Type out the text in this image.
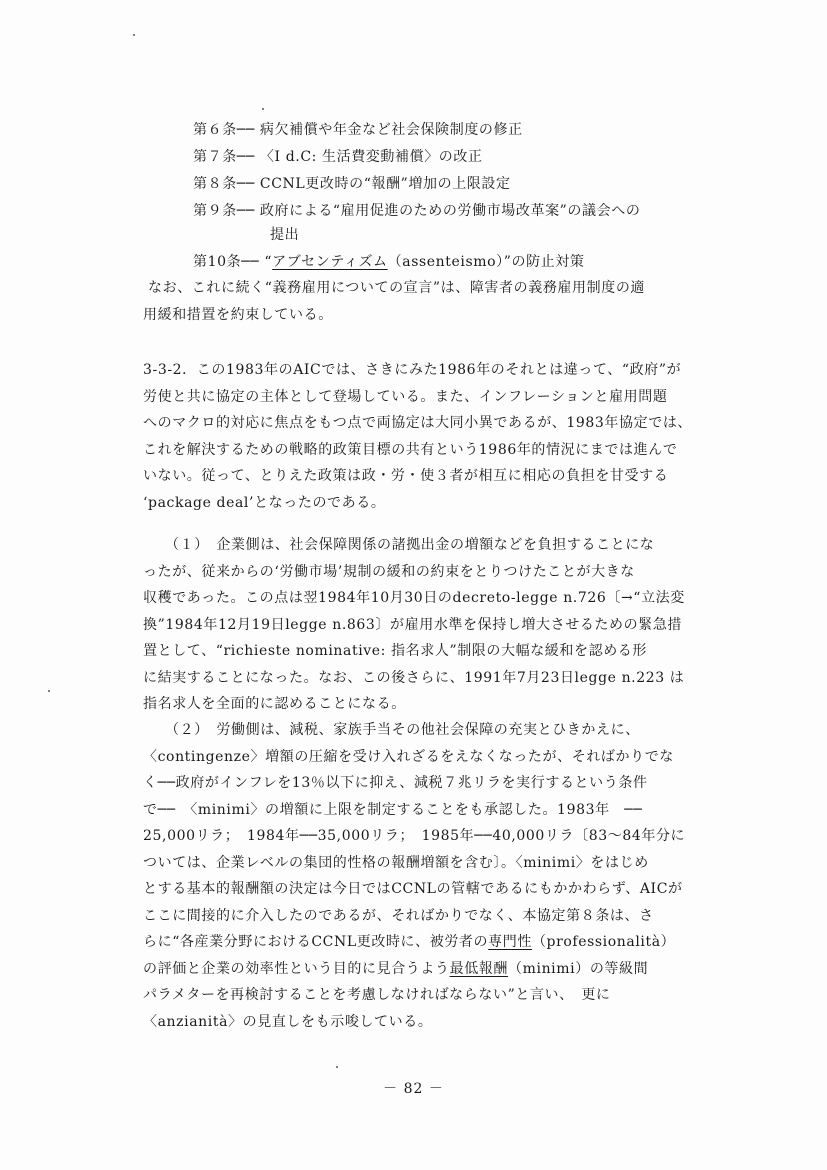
第６条── 病欠補償や年金など社会保険制度の修正
第７条── 〈I d.C: 生活費変動補償〉の改正
第８条── CCNL更改時の“報酬”増加の上限設定
第９条── 政府による“雇用促進のための労働市場改革案”の議会への
提出
第10条── “アブセンティズム（assenteismo）”の防止対策
なお、これに続く“義務雇用についての宣言”は、障害者の義務雇用制度の適
用緩和措置を約束している。
3-3-2．この1983年のAICでは、さきにみた1986年のそれとは違って、“政府”が
労使と共に協定の主体として登場している。また、インフレーションと雇用問題
へのマクロ的対応に焦点をもつ点で両協定は大同小異であるが、1983年協定では、
これを解決するための戦略的政策目標の共有という1986年的情況にまでは進んで
いない。従って、とりえた政策は政・労・使３者が相互に相応の負担を甘受する
‘package deal’となったのである。
（１）　企業側は、社会保障関係の諸拠出金の増額などを負担することにな
ったが、従来からの‘労働市場’規制の緩和の約束をとりつけたことが大きな
収穫であった。この点は翌1984年10月30日のdecreto-legge n.726〔→“立法変
換”1984年12月19日legge n.863〕が雇用水準を保持し増大させるための緊急措
置として、“richieste nominative: 指名求人”制限の大幅な緩和を認める形
に結実することになった。なお、この後さらに、1991年7月23日legge n.223 は
指名求人を全面的に認めることになる。
（２）　労働側は、減税、家族手当その他社会保障の充実とひきかえに、
〈contingenze〉増額の圧縮を受け入れざるをえなくなったが、そればかりでな
く──政府がインフレを13％以下に抑え、減税７兆リラを実行するという条件
で──　〈minimi〉の増額に上限を制定することをも承認した。1983年　──
25,000リラ；　1984年──35,000リラ；　1985年──40,000リラ〔83〜84年分に
ついては、企業レベルの集団的性格の報酬増額を含む〕。〈minimi〉をはじめ
とする基本的報酬額の決定は今日ではCCNLの管轄であるにもかかわらず、AICが
ここに間接的に介入したのであるが、そればかりでなく、本協定第８条は、さ
らに“各産業分野におけるCCNL更改時に、被労者の専門性（professionalità）
の評価と企業の効率性という目的に見合うよう最低報酬（minimi）の等級間
パラメターを再検討することを考慮しなければならない”と言い、　更に
〈anzianità〉の見直しをも示唆している。
－ 82 －
